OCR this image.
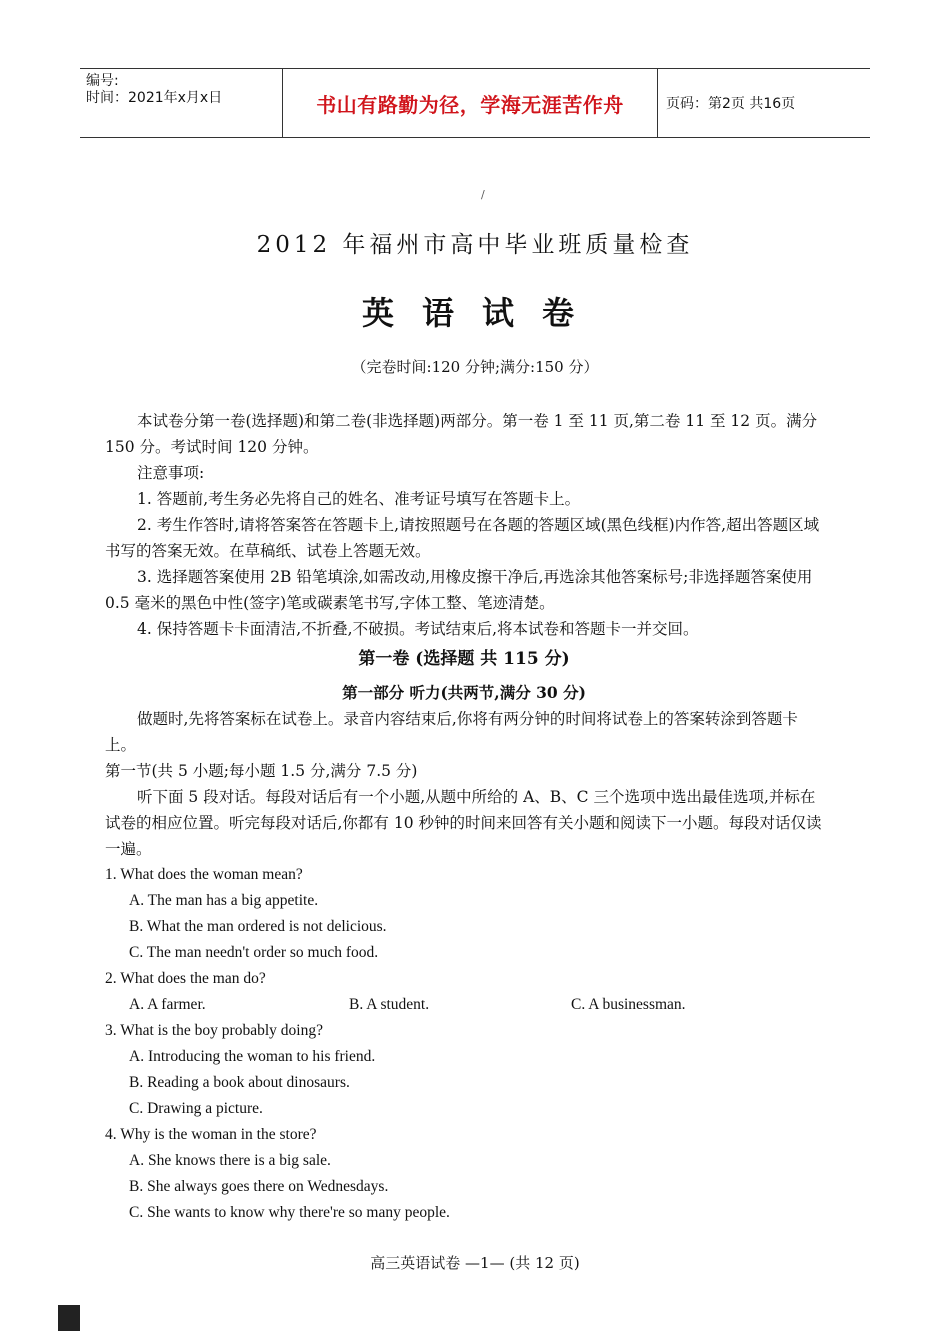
编号:
时间：2021年x月x日	书山有路勤为径，学海无涯苦作舟	页码：第2页 共16页
/
2012 年福州市高中毕业班质量检查
英语试卷
（完卷时间:120 分钟;满分:150 分）

本试卷分第一卷(选择题)和第二卷(非选择题)两部分。第一卷 1 至 11 页,第二卷 11 至 12 页。满分 150 分。考试时间 120 分钟。

注意事项:

1. 答题前,考生务必先将自己的姓名、准考证号填写在答题卡上。

2. 考生作答时,请将答案答在答题卡上,请按照题号在各题的答题区域(黑色线框)内作答,超出答题区域书写的答案无效。在草稿纸、试卷上答题无效。

3. 选择题答案使用 2B 铅笔填涂,如需改动,用橡皮擦干净后,再选涂其他答案标号;非选择题答案使用 0.5 毫米的黑色中性(签字)笔或碳素笔书写,字体工整、笔迹清楚。

4. 保持答题卡卡面清洁,不折叠,不破损。考试结束后,将本试卷和答题卡一并交回。

第一卷 (选择题 共 115 分)

第一部分 听力(共两节,满分 30 分)

做题时,先将答案标在试卷上。录音内容结束后,你将有两分钟的时间将试卷上的答案转涂到答题卡上。

第一节(共 5 小题;每小题 1.5 分,满分 7.5 分)

听下面 5 段对话。每段对话后有一个小题,从题中所给的 A、B、C 三个选项中选出最佳选项,并标在试卷的相应位置。听完每段对话后,你都有 10 秒钟的时间来回答有关小题和阅读下一小题。每段对话仅读一遍。

1. What does the woman mean?
A. The man has a big appetite.
B. What the man ordered is not delicious.
C. The man needn't order so much food.
2. What does the man do?
A. A farmer.	B. A student.	C. A businessman.
3. What is the boy probably doing?
A. Introducing the woman to his friend.
B. Reading a book about dinosaurs.
C. Drawing a picture.
4. Why is the woman in the store?
A. She knows there is a big sale.
B. She always goes there on Wednesdays.
C. She wants to know why there're so many people.
高三英语试卷 —1— (共 12 页)
